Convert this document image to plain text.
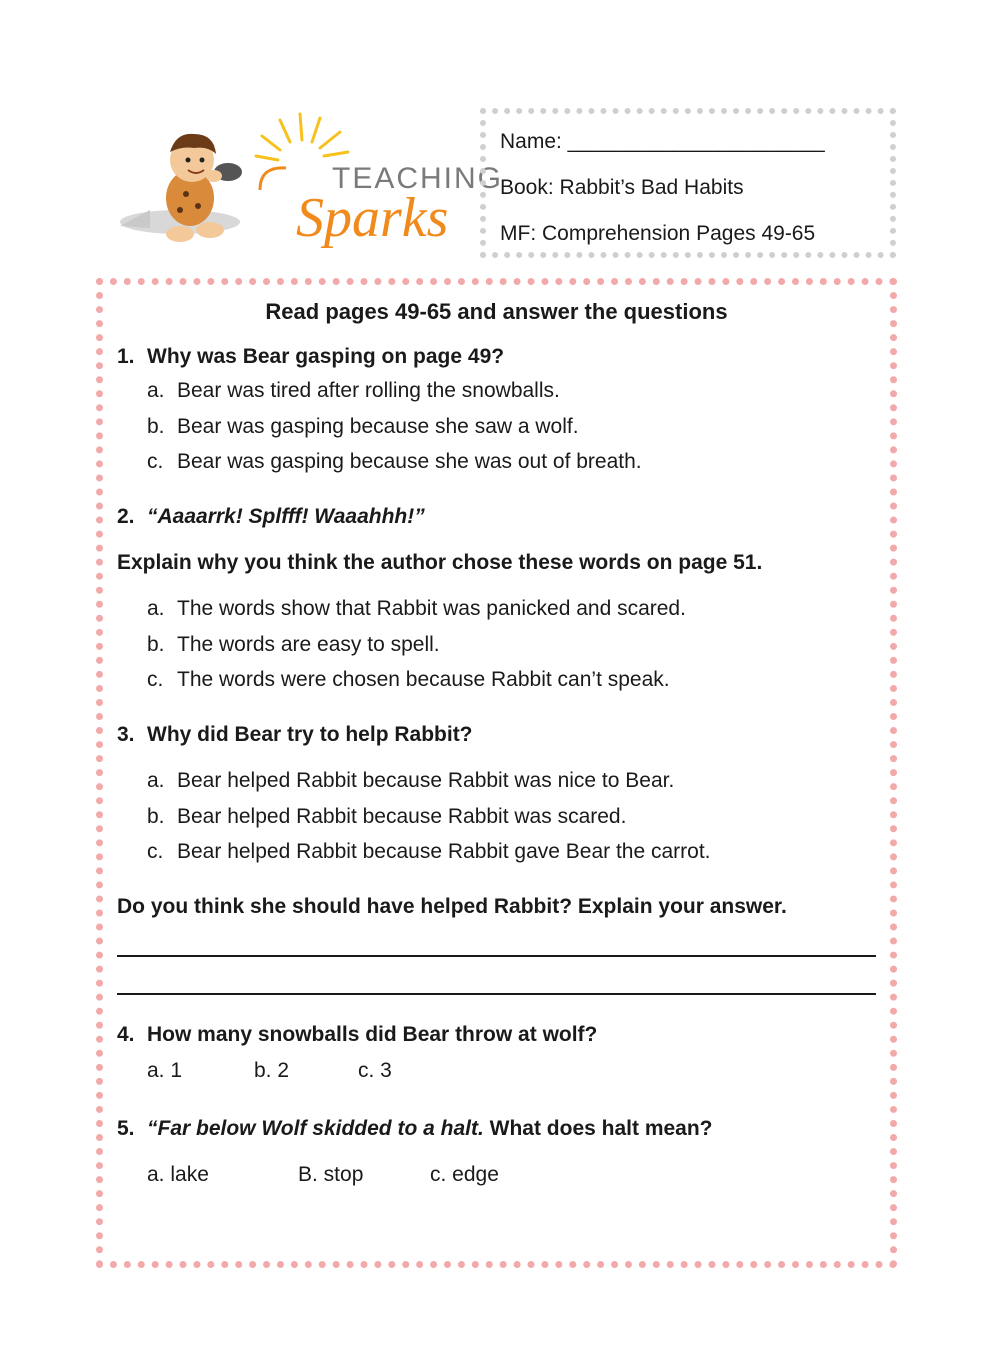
TEACHING
Sparks
Name: ______________________
Book: Rabbit’s Bad Habits
MF: Comprehension Pages 49-65
Read pages 49-65 and answer the questions
1. Why was Bear gasping on page 49?
a. Bear was tired after rolling the snowballs.
b. Bear was gasping because she saw a wolf.
c. Bear was gasping because she was out of breath.
2. “Aaaarrk! Splfff! Waaahhh!”
Explain why you think the author chose these words on page 51.
a. The words show that Rabbit was panicked and scared.
b. The words are easy to spell.
c. The words were chosen because Rabbit can’t speak.
3. Why did Bear try to help Rabbit?
a. Bear helped Rabbit because Rabbit was nice to Bear.
b. Bear helped Rabbit because Rabbit was scared.
c. Bear helped Rabbit because Rabbit gave Bear the carrot.
Do you think she should have helped Rabbit? Explain your answer.
4. How many snowballs did Bear throw at wolf?
a. 1	b. 2	c. 3
5. “Far below Wolf skidded to a halt. What does halt mean?
a. lake	B. stop	c. edge
